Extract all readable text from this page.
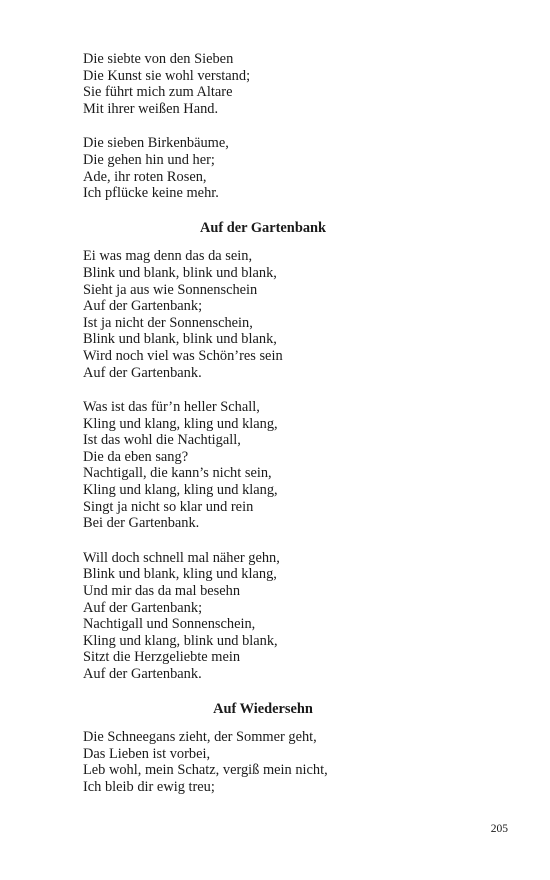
Die siebte von den Sieben
Die Kunst sie wohl verstand;
Sie führt mich zum Altare
Mit ihrer weißen Hand.
Die sieben Birkenbäume,
Die gehen hin und her;
Ade, ihr roten Rosen,
Ich pflücke keine mehr.
Auf der Gartenbank
Ei was mag denn das da sein,
Blink und blank, blink und blank,
Sieht ja aus wie Sonnenschein
Auf der Gartenbank;
Ist ja nicht der Sonnenschein,
Blink und blank, blink und blank,
Wird noch viel was Schön’res sein
Auf der Gartenbank.
Was ist das für’n heller Schall,
Kling und klang, kling und klang,
Ist das wohl die Nachtigall,
Die da eben sang?
Nachtigall, die kann’s nicht sein,
Kling und klang, kling und klang,
Singt ja nicht so klar und rein
Bei der Gartenbank.
Will doch schnell mal näher gehn,
Blink und blank, kling und klang,
Und mir das da mal besehn
Auf der Gartenbank;
Nachtigall und Sonnenschein,
Kling und klang, blink und blank,
Sitzt die Herzgeliebte mein
Auf der Gartenbank.
Auf Wiedersehn
Die Schneegans zieht, der Sommer geht,
Das Lieben ist vorbei,
Leb wohl, mein Schatz, vergiß mein nicht,
Ich bleib dir ewig treu;
205
